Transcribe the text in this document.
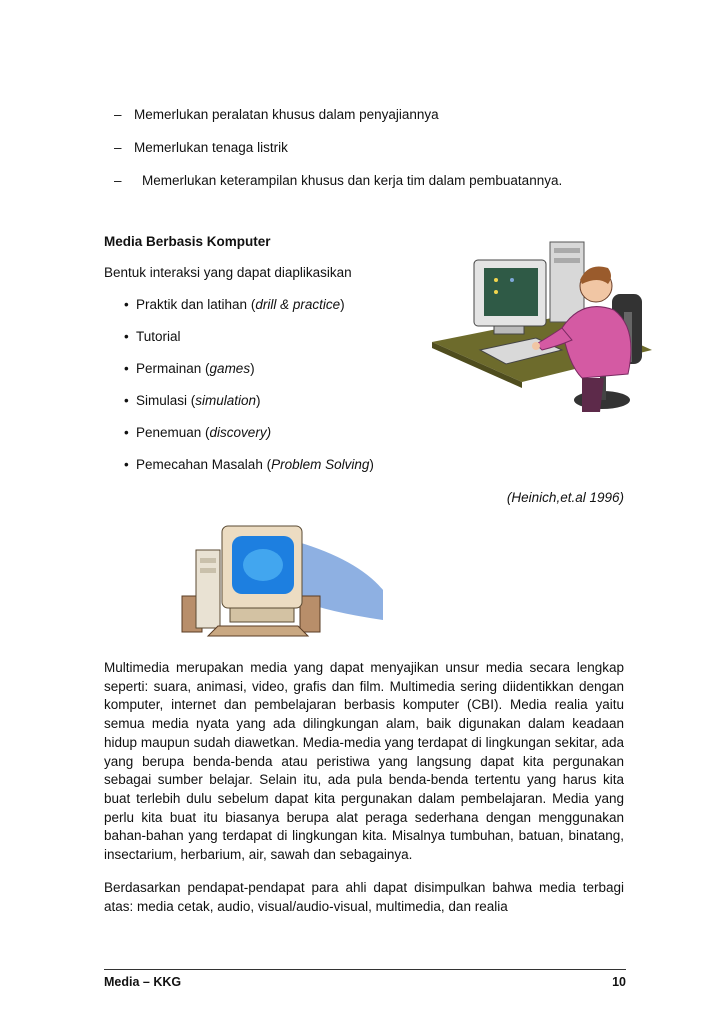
– Memerlukan peralatan khusus dalam penyajiannya
– Memerlukan tenaga listrik
– Memerlukan keterampilan khusus dan kerja tim dalam pembuatannya.
Media Berbasis Komputer
Bentuk interaksi yang dapat diaplikasikan
• Praktik dan latihan (drill & practice)
• Tutorial
• Permainan (games)
• Simulasi (simulation)
• Penemuan (discovery)
• Pemecahan Masalah (Problem Solving)
(Heinich,et.al 1996)

Multimedia merupakan media yang dapat menyajikan unsur media secara lengkap seperti: suara, animasi, video, grafis dan film. Multimedia sering diidentikkan dengan komputer, internet dan pembelajaran berbasis komputer (CBI). Media realia yaitu semua media nyata yang ada dilingkungan alam, baik digunakan dalam keadaan hidup maupun sudah diawetkan. Media-media yang terdapat di lingkungan sekitar, ada yang berupa benda-benda atau peristiwa yang langsung dapat kita pergunakan sebagai sumber belajar. Selain itu, ada pula benda-benda tertentu yang harus kita buat terlebih dulu sebelum dapat kita pergunakan dalam pembelajaran. Media yang perlu kita buat itu biasanya berupa alat peraga sederhana dengan menggunakan bahan-bahan yang terdapat di lingkungan kita. Misalnya tumbuhan, batuan, binatang, insectarium, herbarium, air, sawah dan sebagainya.

Berdasarkan pendapat-pendapat para ahli dapat disimpulkan bahwa media terbagi atas: media cetak, audio, visual/audio-visual, multimedia, dan realia

Media – KKG	10
